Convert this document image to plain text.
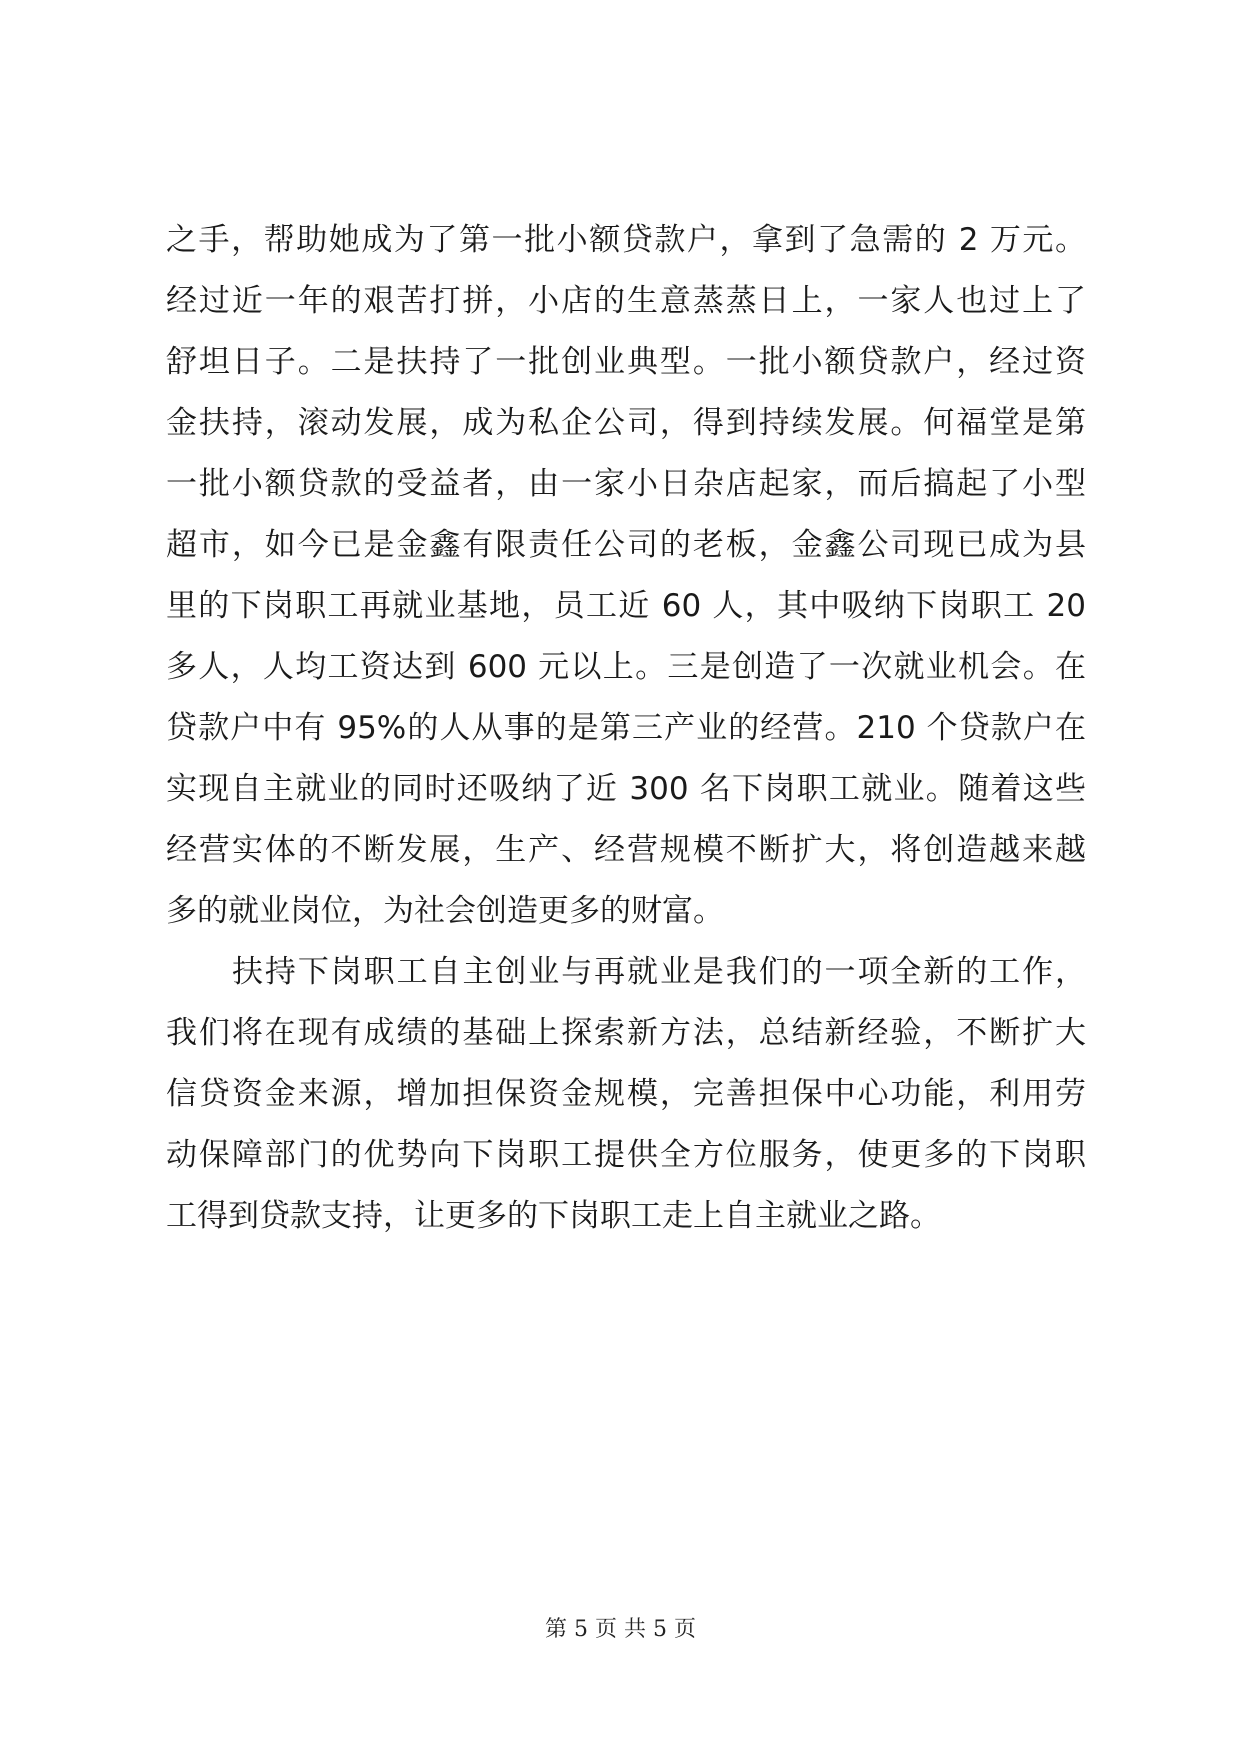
之手，帮助她成为了第一批小额贷款户，拿到了急需的 2 万元。
经过近一年的艰苦打拼，小店的生意蒸蒸日上，一家人也过上了
舒坦日子。二是扶持了一批创业典型。一批小额贷款户，经过资
金扶持，滚动发展，成为私企公司，得到持续发展。何福堂是第
一批小额贷款的受益者，由一家小日杂店起家，而后搞起了小型
超市，如今已是金鑫有限责任公司的老板，金鑫公司现已成为县
里的下岗职工再就业基地，员工近 60 人，其中吸纳下岗职工 20
多人，人均工资达到 600 元以上。三是创造了一次就业机会。在
贷款户中有 95%的人从事的是第三产业的经营。210 个贷款户在
实现自主就业的同时还吸纳了近 300 名下岗职工就业。随着这些
经营实体的不断发展，生产、经营规模不断扩大，将创造越来越
多的就业岗位，为社会创造更多的财富。
扶持下岗职工自主创业与再就业是我们的一项全新的工作，
我们将在现有成绩的基础上探索新方法，总结新经验，不断扩大
信贷资金来源，增加担保资金规模，完善担保中心功能，利用劳
动保障部门的优势向下岗职工提供全方位服务，使更多的下岗职
工得到贷款支持，让更多的下岗职工走上自主就业之路。
第 5 页 共 5 页
